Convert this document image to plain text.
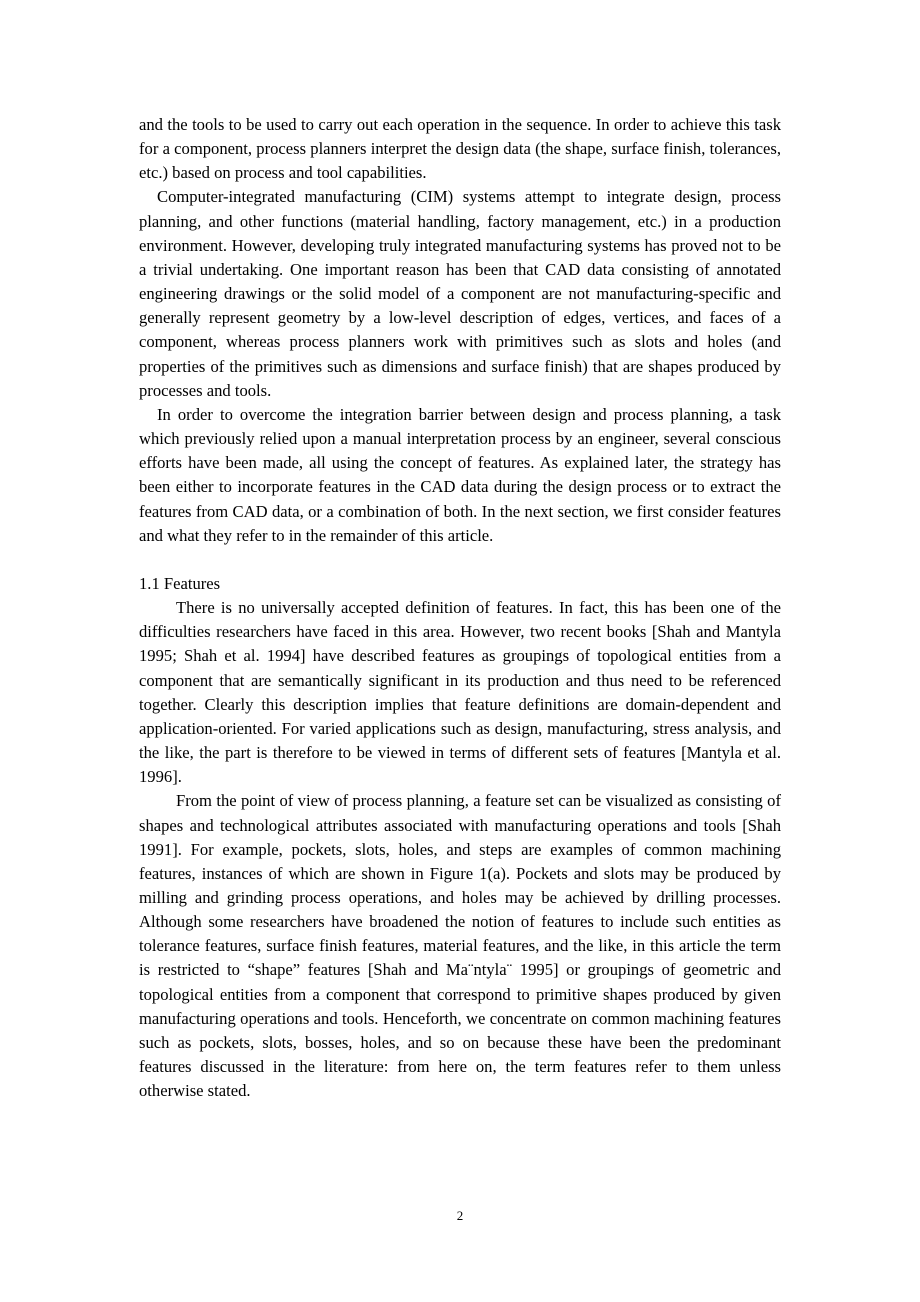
and the tools to be used to carry out each operation in the sequence. In order to achieve this task for a component, process planners interpret the design data (the shape, surface finish, tolerances, etc.) based on process and tool capabilities.

Computer-integrated manufacturing (CIM) systems attempt to integrate design, process planning, and other functions (material handling, factory management, etc.) in a production environment. However, developing truly integrated manufacturing systems has proved not to be a trivial undertaking. One important reason has been that CAD data consisting of annotated engineering drawings or the solid model of a component are not manufacturing-specific and generally represent geometry by a low-level description of edges, vertices, and faces of a component, whereas process planners work with primitives such as slots and holes (and properties of the primitives such as dimensions and surface finish) that are shapes produced by processes and tools.

In order to overcome the integration barrier between design and process planning, a task which previously relied upon a manual interpretation process by an engineer, several conscious efforts have been made, all using the concept of features. As explained later, the strategy has been either to incorporate features in the CAD data during the design process or to extract the features from CAD data, or a combination of both. In the next section, we first consider features and what they refer to in the remainder of this article.

1.1 Features

There is no universally accepted definition of features. In fact, this has been one of the difficulties researchers have faced in this area. However, two recent books [Shah and Mantyla 1995; Shah et al. 1994] have described features as groupings of topological entities from a component that are semantically significant in its production and thus need to be referenced together. Clearly this description implies that feature definitions are domain-dependent and application-oriented. For varied applications such as design, manufacturing, stress analysis, and the like, the part is therefore to be viewed in terms of different sets of features [Mantyla et al. 1996].

From the point of view of process planning, a feature set can be visualized as consisting of shapes and technological attributes associated with manufacturing operations and tools [Shah 1991]. For example, pockets, slots, holes, and steps are examples of common machining features, instances of which are shown in Figure 1(a). Pockets and slots may be produced by milling and grinding process operations, and holes may be achieved by drilling processes. Although some researchers have broadened the notion of features to include such entities as tolerance features, surface finish features, material features, and the like, in this article the term is restricted to “shape” features [Shah and Ma¨ntyla¨ 1995] or groupings of geometric and topological entities from a component that correspond to primitive shapes produced by given manufacturing operations and tools. Henceforth, we concentrate on common machining features such as pockets, slots, bosses, holes, and so on because these have been the predominant features discussed in the literature: from here on, the term features refer to them unless otherwise stated.

2
